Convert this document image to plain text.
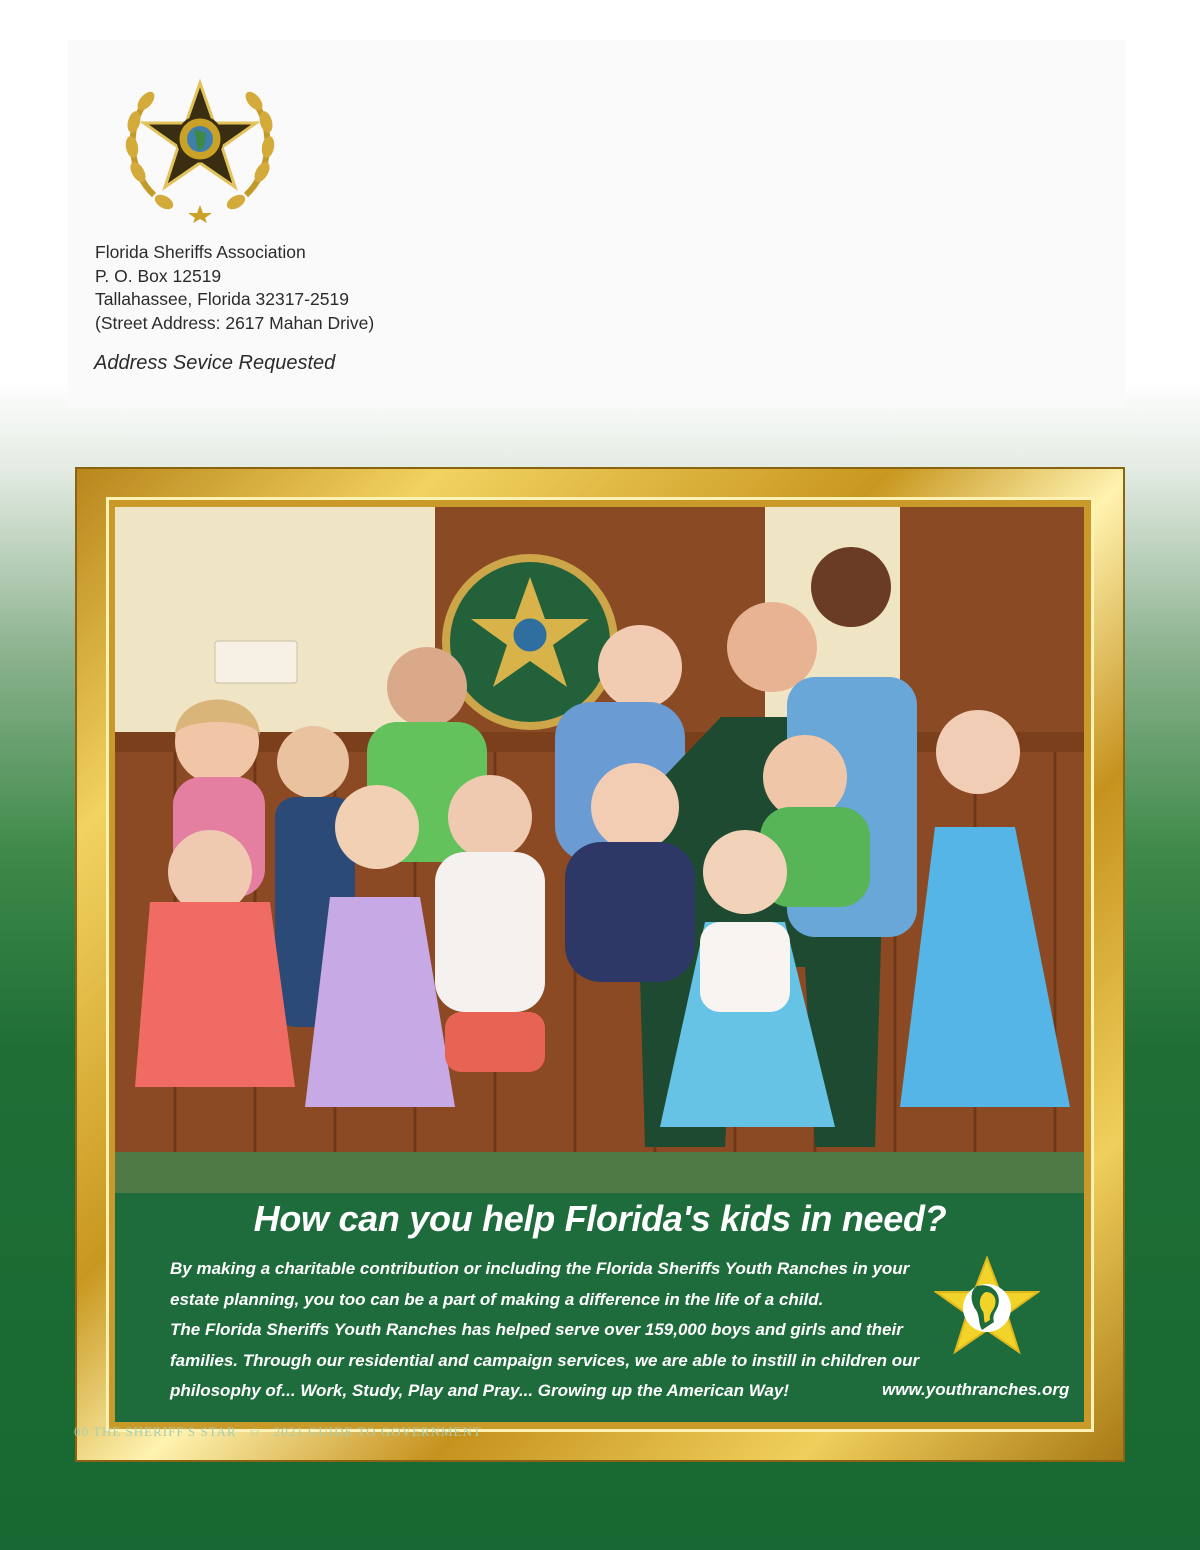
Florida Sheriffs Association
P. O. Box 12519
Tallahassee, Florida 32317-2519
(Street Address: 2617 Mahan Drive)
Address Sevice Requested
How can you help Florida's kids in need?

By making a charitable contribution or including the Florida Sheriffs Youth Ranches in your estate planning, you too can be a part of making a difference in the life of a child.

The Florida Sheriffs Youth Ranches has helped serve over 159,000 boys and girls and their families. Through our residential and campaign services, we are able to instill in children our philosophy of... Work, Study, Play and Pray... Growing up the American Way!	www.youthranches.org
00 THE SHERIFF'S STAR ☆ 2021 GUIDE TO GOVERNMENT
